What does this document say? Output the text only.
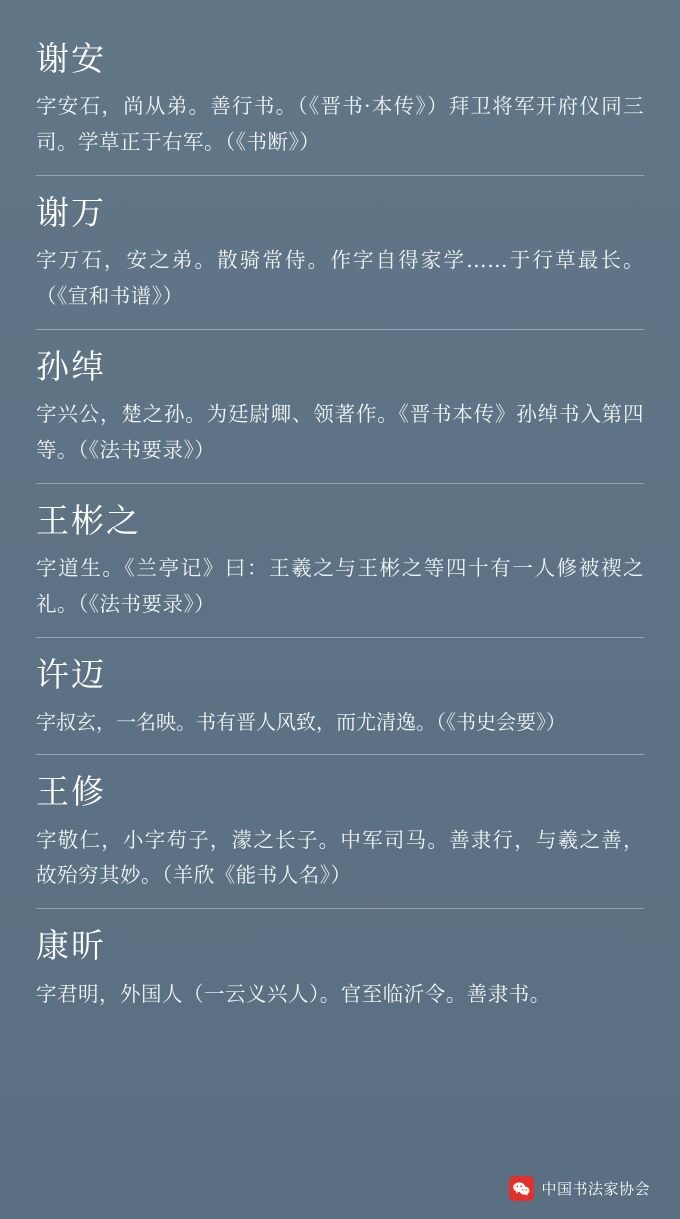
谢安

字安石，尚从弟。善行书。（《晋书·本传》）拜卫将军开府仪同三司。学草正于右军。（《书断》）

谢万

字万石，安之弟。散骑常侍。作字自得家学……于行草最长。（《宣和书谱》）

孙绰

字兴公，楚之孙。为廷尉卿、领著作。《晋书本传》孙绰书入第四等。（《法书要录》）

王彬之

字道生。《兰亭记》曰：王羲之与王彬之等四十有一人修被禊之礼。（《法书要录》）

许迈

字叔玄，一名映。书有晋人风致，而尤清逸。（《书史会要》）

王修

字敬仁，小字苟子，濛之长子。中军司马。善隶行，与羲之善，故殆穷其妙。（羊欣《能书人名》）

康昕

字君明，外国人（一云义兴人）。官至临沂令。善隶书。

中国书法家协会
